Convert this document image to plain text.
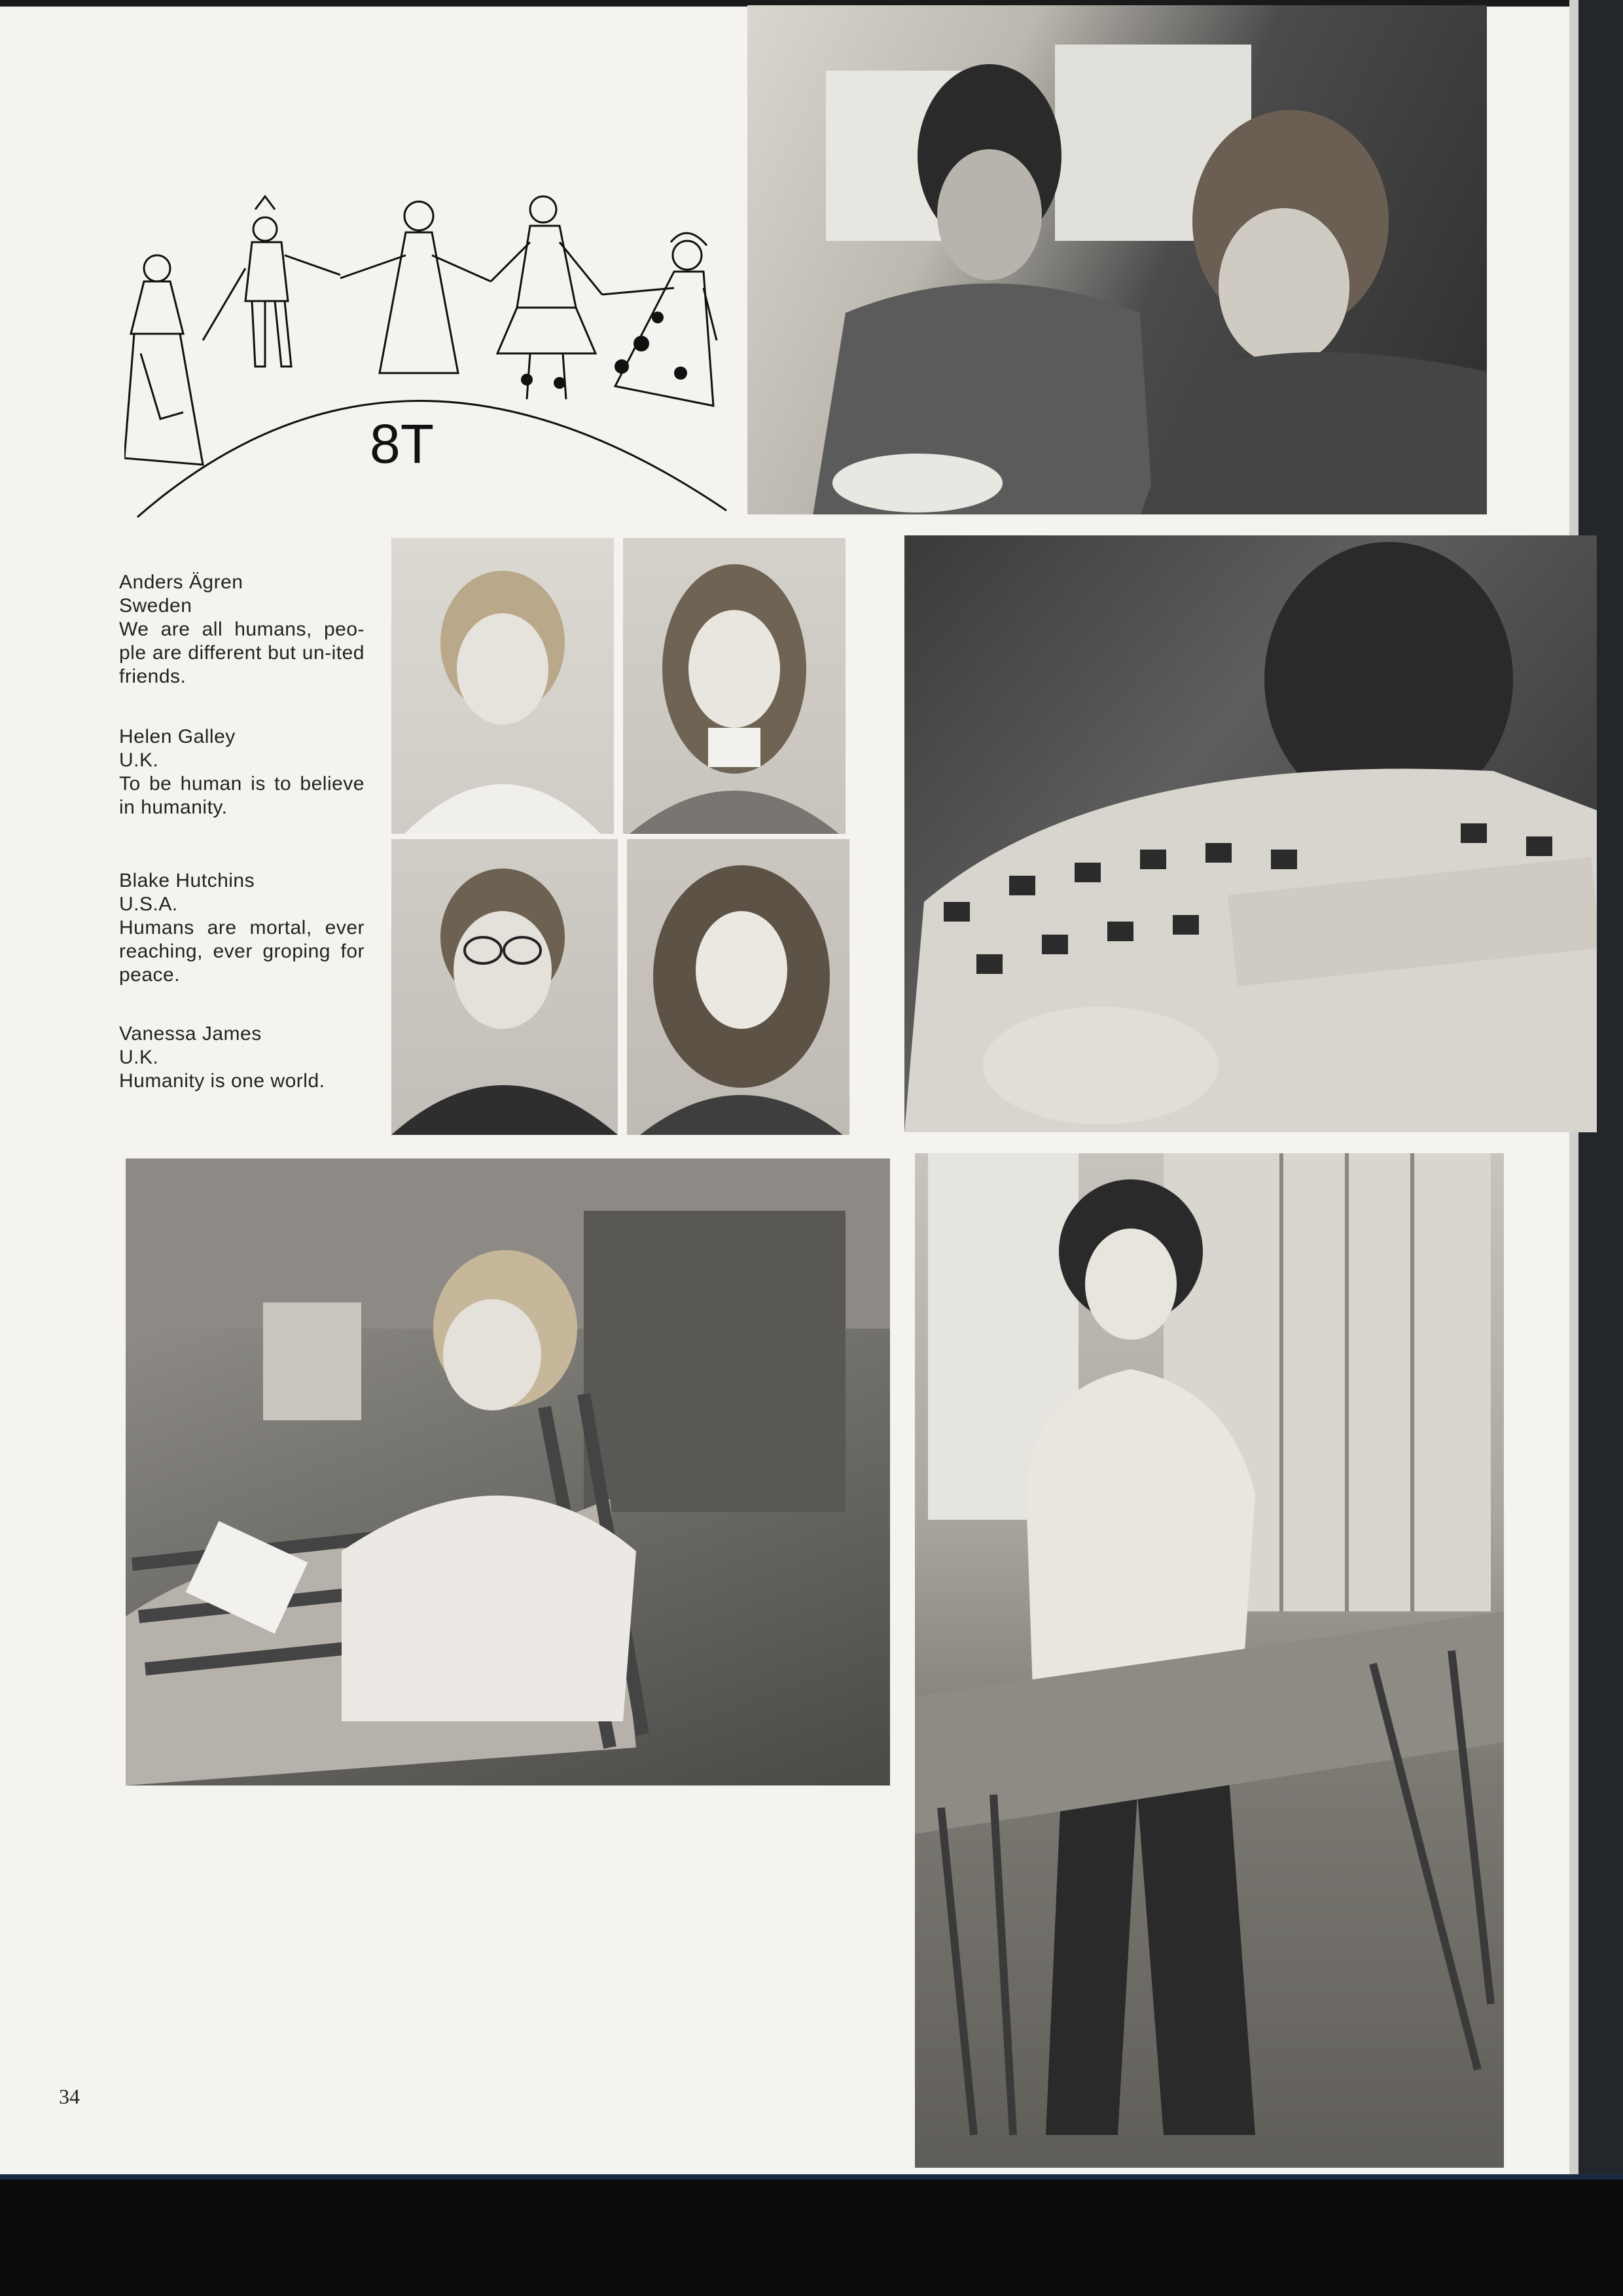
8T
Anders Ägren
Sweden
We are all humans, peo-ple are different but un-ited friends.
Helen Galley
U.K.
To be human is to believe in humanity.
Blake Hutchins
U.S.A.
Humans are mortal, ever reaching, ever groping for peace.
Vanessa James
U.K.
Humanity is one world.
34
